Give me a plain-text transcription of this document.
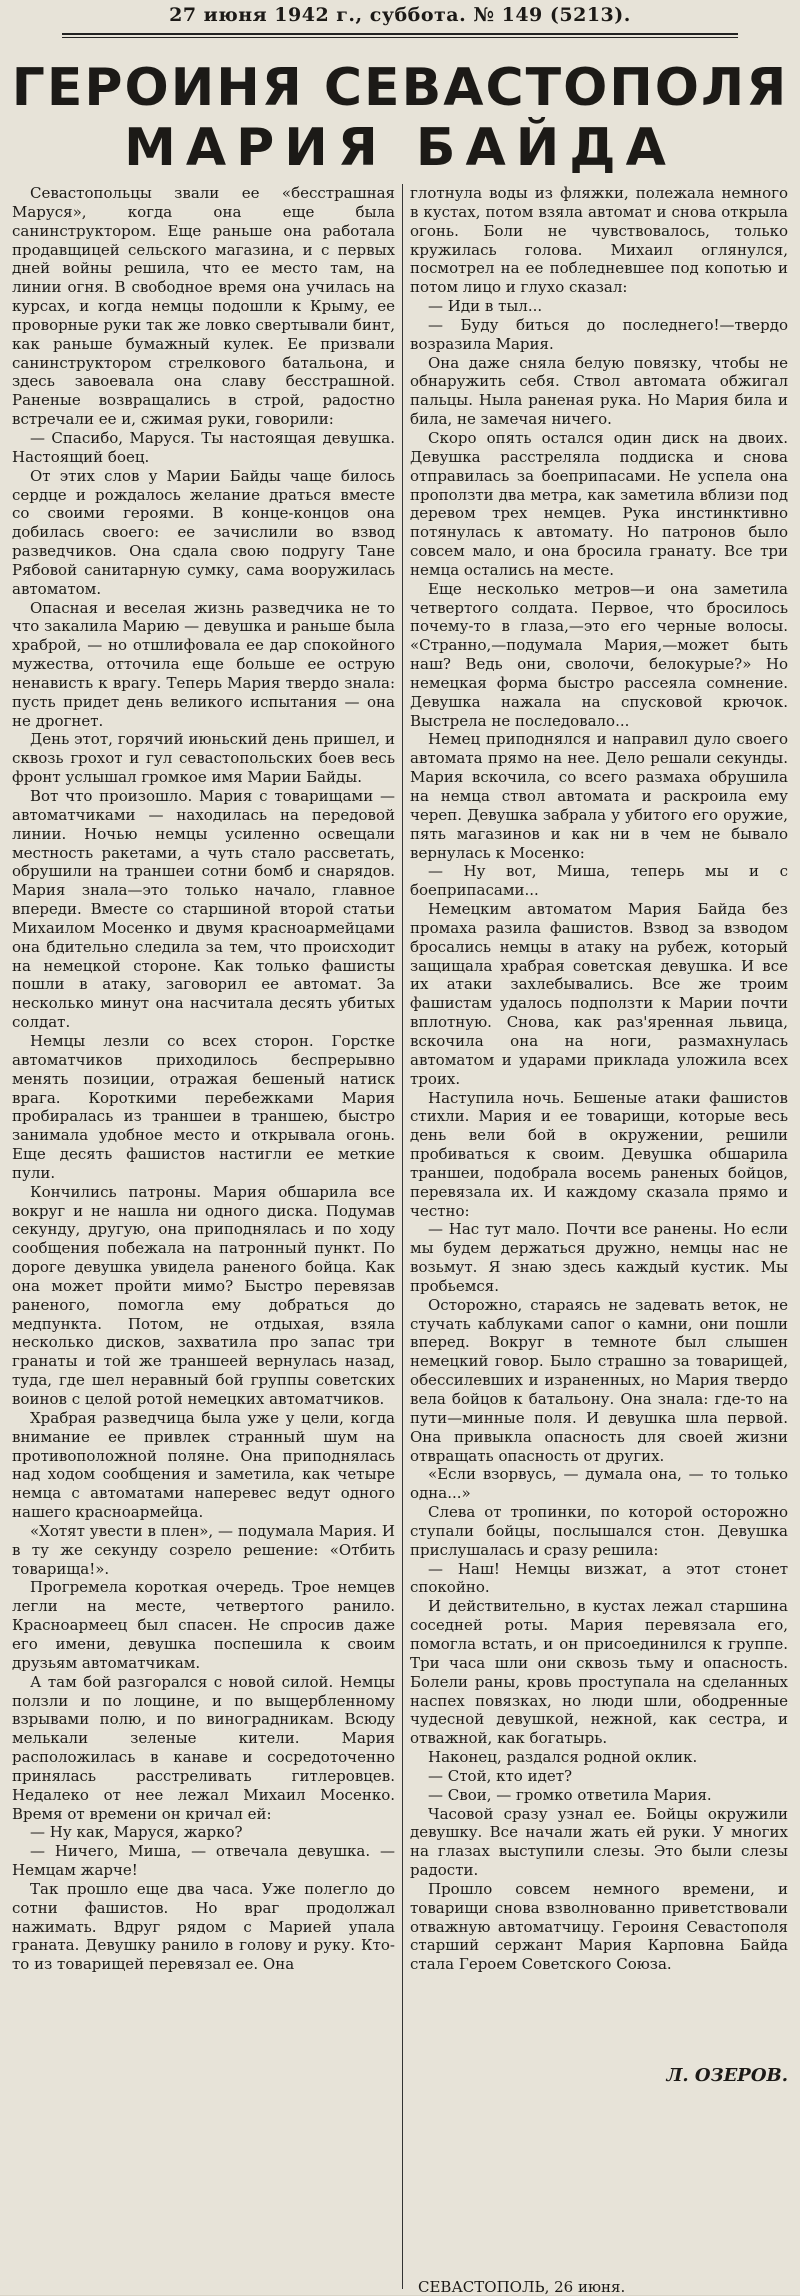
27 июня 1942 г., суббота. № 149 (5213).
ГЕРОИНЯ СЕВАСТОПОЛЯ
МАРИЯ БАЙДА

Севастопольцы звали ее «бесстрашная Маруся», когда она еще была санинструктором. Еще раньше она работала продавщицей сельского магазина, и с первых дней войны решила, что ее место там, на линии огня. В свободное время она училась на курсах, и когда немцы подошли к Крыму, ее проворные руки так же ловко свертывали бинт, как раньше бумажный кулек. Ее призвали санинструктором стрелкового батальона, и здесь завоевала она славу бесстрашной. Раненые возвращались в строй, радостно встречали ее и, сжимая руки, говорили:

— Спасибо, Маруся. Ты настоящая девушка. Настоящий боец.

От этих слов у Марии Байды чаще билось сердце и рождалось желание драться вместе со своими героями. В конце-концов она добилась своего: ее зачислили во взвод разведчиков. Она сдала свою подругу Тане Рябовой санитарную сумку, сама вооружилась автоматом.

Опасная и веселая жизнь разведчика не то что закалила Марию — девушка и раньше была храброй, — но отшлифовала ее дар спокойного мужества, отточила еще больше ее острую ненависть к врагу. Теперь Мария твердо знала: пусть придет день великого испытания — она не дрогнет.

День этот, горячий июньский день пришел, и сквозь грохот и гул севастопольских боев весь фронт услышал громкое имя Марии Байды.

Вот что произошло. Мария с товарищами — автоматчиками — находилась на передовой линии. Ночью немцы усиленно освещали местность ракетами, а чуть стало рассветать, обрушили на траншеи сотни бомб и снарядов. Мария знала—это только начало, главное впереди. Вместе со старшиной второй статьи Михаилом Мосенко и двумя красноармейцами она бдительно следила за тем, что происходит на немецкой стороне. Как только фашисты пошли в атаку, заговорил ее автомат. За несколько минут она насчитала десять убитых солдат.

Немцы лезли со всех сторон. Горстке автоматчиков приходилось беспрерывно менять позиции, отражая бешеный натиск врага. Короткими перебежками Мария пробиралась из траншеи в траншею, быстро занимала удобное место и открывала огонь. Еще десять фашистов настигли ее меткие пули.

Кончились патроны. Мария обшарила все вокруг и не нашла ни одного диска. Подумав секунду, другую, она приподнялась и по ходу сообщения побежала на патронный пункт. По дороге девушка увидела раненого бойца. Как она может пройти мимо? Быстро перевязав раненого, помогла ему добраться до медпункта. Потом, не отдыхая, взяла несколько дисков, захватила про запас три гранаты и той же траншеей вернулась назад, туда, где шел неравный бой группы советских воинов с целой ротой немецких автоматчиков.

Храбрая разведчица была уже у цели, когда внимание ее привлек странный шум на противоположной поляне. Она приподнялась над ходом сообщения и заметила, как четыре немца с автоматами наперевес ведут одного нашего красноармейца.

«Хотят увести в плен», — подумала Мария. И в ту же секунду созрело решение: «Отбить товарища!».

Прогремела короткая очередь. Трое немцев легли на месте, четвертого ранило. Красноармеец был спасен. Не спросив даже его имени, девушка поспешила к своим друзьям автоматчикам.

А там бой разгорался с новой силой. Немцы ползли и по лощине, и по выщербленному взрывами полю, и по виноградникам. Всюду мелькали зеленые кители. Мария расположилась в канаве и сосредоточенно принялась расстреливать гитлеровцев. Недалеко от нее лежал Михаил Мосенко. Время от времени он кричал ей:

— Ну как, Маруся, жарко?

— Ничего, Миша, — отвечала девушка. — Немцам жарче!

Так прошло еще два часа. Уже полегло до сотни фашистов. Но враг продолжал нажимать. Вдруг рядом с Марией упала граната. Девушку ранило в голову и руку. Кто-то из товарищей перевязал ее. Она

глотнула воды из фляжки, полежала немного в кустах, потом взяла автомат и снова открыла огонь. Боли не чувствовалось, только кружилась голова. Михаил оглянулся, посмотрел на ее побледневшее под копотью и потом лицо и глухо сказал:

— Иди в тыл...

— Буду биться до последнего!—твердо возразила Мария.

Она даже сняла белую повязку, чтобы не обнаружить себя. Ствол автомата обжигал пальцы. Ныла раненая рука. Но Мария била и била, не замечая ничего.

Скоро опять остался один диск на двоих. Девушка расстреляла поддиска и снова отправилась за боеприпасами. Не успела она проползти два метра, как заметила вблизи под деревом трех немцев. Рука инстинктивно потянулась к автомату. Но патронов было совсем мало, и она бросила гранату. Все три немца остались на месте.

Еще несколько метров—и она заметила четвертого солдата. Первое, что бросилось почему-то в глаза,—это его черные волосы. «Странно,—подумала Мария,—может быть наш? Ведь они, сволочи, белокурые?» Но немецкая форма быстро рассеяла сомнение. Девушка нажала на спусковой крючок. Выстрела не последовало...

Немец приподнялся и направил дуло своего автомата прямо на нее. Дело решали секунды. Мария вскочила, со всего размаха обрушила на немца ствол автомата и раскроила ему череп. Девушка забрала у убитого его оружие, пять магазинов и как ни в чем не бывало вернулась к Мосенко:

— Ну вот, Миша, теперь мы и с боеприпасами...

Немецким автоматом Мария Байда без промаха разила фашистов. Взвод за взводом бросались немцы в атаку на рубеж, который защищала храбрая советская девушка. И все их атаки захлебывались. Все же троим фашистам удалось подползти к Марии почти вплотную. Снова, как раз'яренная львица, вскочила она на ноги, размахнулась автоматом и ударами приклада уложила всех троих.

Наступила ночь. Бешеные атаки фашистов стихли. Мария и ее товарищи, которые весь день вели бой в окружении, решили пробиваться к своим. Девушка обшарила траншеи, подобрала восемь раненых бойцов, перевязала их. И каждому сказала прямо и честно:

— Нас тут мало. Почти все ранены. Но если мы будем держаться дружно, немцы нас не возьмут. Я знаю здесь каждый кустик. Мы пробьемся.

Осторожно, стараясь не задевать веток, не стучать каблуками сапог о камни, они пошли вперед. Вокруг в темноте был слышен немецкий говор. Было страшно за товарищей, обессилевших и израненных, но Мария твердо вела бойцов к батальону. Она знала: где-то на пути—минные поля. И девушка шла первой. Она привыкла опасность для своей жизни отвращать опасность от других.

«Если взорвусь, — думала она, — то только одна...»

Слева от тропинки, по которой осторожно ступали бойцы, послышался стон. Девушка прислушалась и сразу решила:

— Наш! Немцы визжат, а этот стонет спокойно.

И действительно, в кустах лежал старшина соседней роты. Мария перевязала его, помогла встать, и он присоединился к группе. Три часа шли они сквозь тьму и опасность. Болели раны, кровь проступала на сделанных наспех повязках, но люди шли, ободренные чудесной девушкой, нежной, как сестра, и отважной, как богатырь.

Наконец, раздался родной оклик.

— Стой, кто идет?

— Свои, — громко ответила Мария.

Часовой сразу узнал ее. Бойцы окружили девушку. Все начали жать ей руки. У многих на глазах выступили слезы. Это были слезы радости.

Прошло совсем немного времени, и товарищи снова взволнованно приветствовали отважную автоматчицу. Героиня Севастополя старший сержант Мария Карповна Байда стала Героем Советского Союза.

Л. ОЗЕРОВ.
СЕВАСТОПОЛЬ, 26 июня.
